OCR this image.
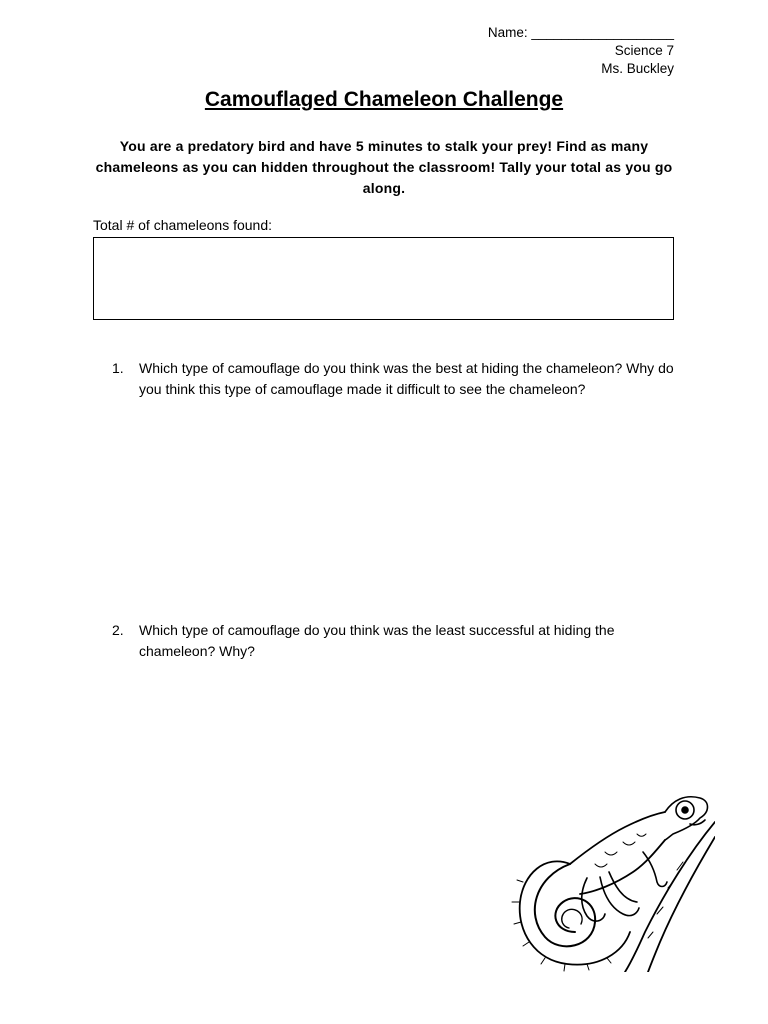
Name: ___________________
Science 7
Ms. Buckley
Camouflaged Chameleon Challenge
You are a predatory bird and have 5 minutes to stalk your prey! Find as many chameleons as you can hidden throughout the classroom! Tally your total as you go along.
Total # of chameleons found:
1.	Which type of camouflage do you think was the best at hiding the chameleon? Why do you think this type of camouflage made it difficult to see the chameleon?
2.	Which type of camouflage do you think was the least successful at hiding the chameleon? Why?
